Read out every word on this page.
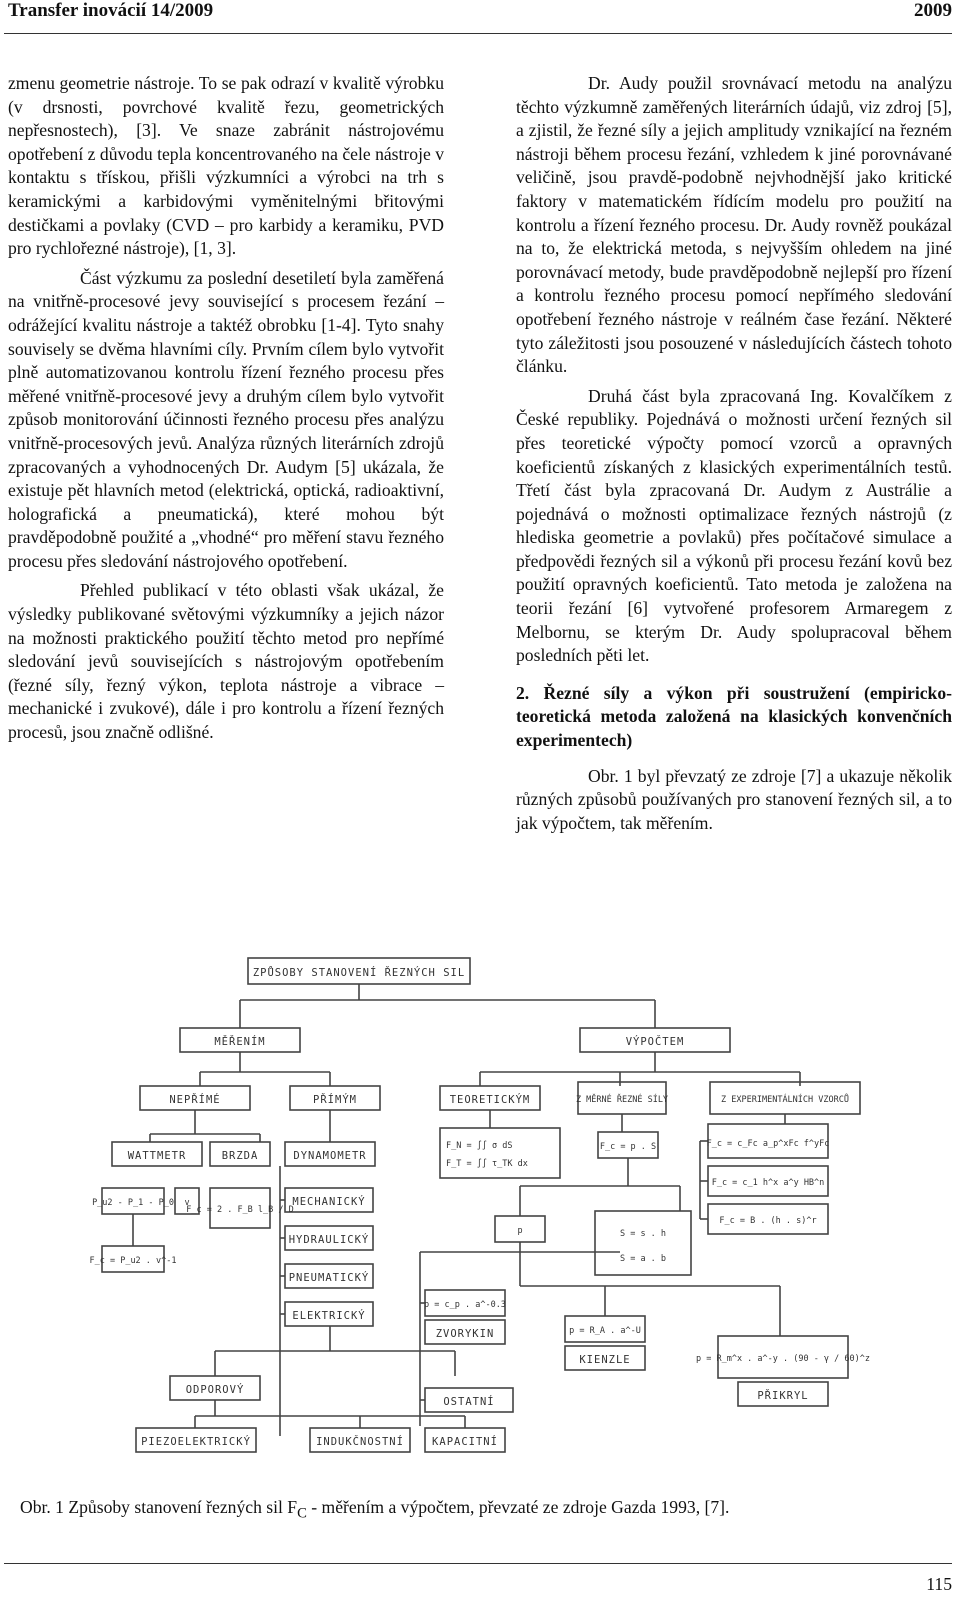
Transfer inovácií 14/2009	2009

zmenu geometrie nástroje. To se pak odrazí v kvalitě výrobku (v drsnosti, povrchové kvalitě řezu, geometrických nepřesnostech), [3]. Ve snaze zabránit nástrojovému opotřebení z důvodu tepla koncentrovaného na čele nástroje v kontaktu s třískou, přišli výzkumníci a výrobci na trh s keramickými a karbidovými vyměnitelnými břitovými destičkami a povlaky (CVD – pro karbidy a keramiku, PVD pro rychlořezné nástroje), [1, 3].

Část výzkumu za poslední desetiletí byla zaměřená na vnitřně-procesové jevy související s procesem řezání – odrážející kvalitu nástroje a taktéž obrobku [1-4]. Tyto snahy souvisely se dvěma hlavními cíly. Prvním cílem bylo vytvořit plně automatizovanou kontrolu řízení řezného procesu přes měřené vnitřně-procesové jevy a druhým cílem bylo vytvořit způsob monitorování účinnosti řezného procesu přes analýzu vnitřně-procesových jevů. Analýza různých literárních zdrojů zpracovaných a vyhodnocených Dr. Audym [5] ukázala, že existuje pět hlavních metod (elektrická, optická, radioaktivní, holografická a pneumatická), které mohou být pravděpodobně použité a „vhodné“ pro měření stavu řezného procesu přes sledování nástrojového opotřebení.

Přehled publikací v této oblasti však ukázal, že výsledky publikované světovými výzkumníky a jejich názor na možnosti praktického použití těchto metod pro nepřímé sledování jevů souvisejících s nástrojovým opotřebením (řezné síly, řezný výkon, teplota nástroje a vibrace – mechanické i zvukové), dále i pro kontrolu a řízení řezných procesů, jsou značně odlišné.

Dr. Audy použil srovnávací metodu na analýzu těchto výzkumně zaměřených literárních údajů, viz zdroj [5], a zjistil, že řezné síly a jejich amplitudy vznikající na řezném nástroji během procesu řezání, vzhledem k jiné porovnávané veličině, jsou pravdě-podobně nejvhodnější jako kritické faktory v matematickém řídícím modelu pro použití na kontrolu a řízení řezného procesu. Dr. Audy rovněž poukázal na to, že elektrická metoda, s nejvyšším ohledem na jiné porovnávací metody, bude pravděpodobně nejlepší pro řízení a kontrolu řezného procesu pomocí nepřímého sledování opotřebení řezného nástroje v reálném čase řezání. Některé tyto záležitosti jsou posouzené v následujících částech tohoto článku.

Druhá část byla zpracovaná Ing. Kovalčíkem z České republiky. Pojednává o možnosti určení řezných sil přes teoretické výpočty pomocí vzorců a opravných koeficientů získaných z klasických experimentálních testů. Třetí část byla zpracovaná Dr. Audym z Austrálie a pojednává o možnosti optimalizace řezných nástrojů (z hlediska geometrie a povlaků) přes počítačové simulace a předpovědi řezných sil a výkonů při procesu řezání kovů bez použití opravných koeficientů. Tato metoda je založena na teorii řezání [6] vytvořené profesorem Armaregem z Melbornu, se kterým Dr. Audy spolupracoval během posledních pěti let.

2. Řezné síly a výkon při soustružení (empiricko-teoretická metoda založená na klasických konvenčních experimentech)

Obr. 1 byl převzatý ze zdroje [7] a ukazuje několik různých způsobů používaných pro stanovení řezných sil, a to jak výpočtem, tak měřením.

ZPŮSOBY STANOVENÍ ŘEZNÝCH SIL
MĚŘENÍM	VÝPOČTEM
NEPŘÍMÉ	PŘÍMÝM	TEORETICKÝM	Z MĚRNÉ ŘEZNÉ SÍLY	Z EXPERIMENTÁLNÍCH VZORCŮ
WATTMETR	BRZDA	DYNAMOMETR
MECHANICKÝ
HYDRAULICKÝ
PNEUMATICKÝ
ELEKTRICKÝ
ODPOROVÝ
PIEZOELEKTRICKÝ	INDUKČNOSTNÍ	KAPACITNÍ
OSTATNÍ
ZVORYKIN
KIENZLE
PŘIKRYL
F_N = ∫∫ σ dS
F_T = ∫∫ τ_TK dx
F_c = p . S	F_c = c_Fc a_p^xFc f^yFc
F_c = c_1 h^x a^y HB^n
F_c = B . (h . s)^r
P_u2 - P_1 - P_0 v
F_c = 2 . F_B l_B / D
F_c = P_u2 . v^-1
p	S = s . h
S = a . b
p = c_p . a^-0.3
p = R_A . a^-U
p = R_m^x . a^-y . (90 - γ / 60)^z
Obr. 1 Způsoby stanovení řezných sil $F_C$ - měřením a výpočtem, převzaté ze zdroje Gazda 1993, [7].
115
